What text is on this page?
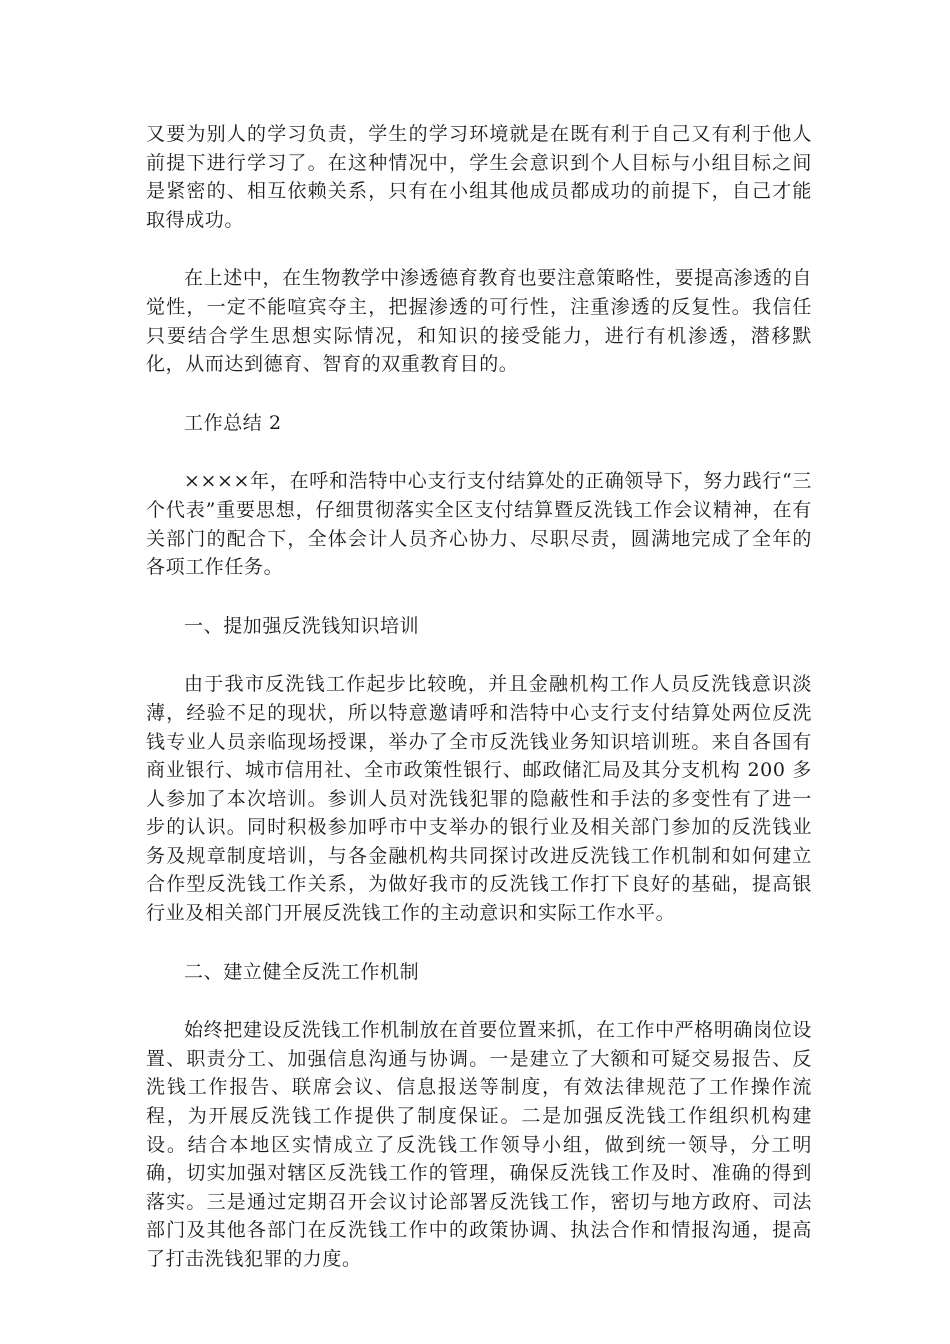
又要为别人的学习负责，学生的学习环境就是在既有利于自己又有利于他人前提下进行学习了。在这种情况中，学生会意识到个人目标与小组目标之间是紧密的、相互依赖关系，只有在小组其他成员都成功的前提下，自己才能取得成功。

在上述中，在生物教学中渗透德育教育也要注意策略性，要提高渗透的自觉性，一定不能喧宾夺主，把握渗透的可行性，注重渗透的反复性。我信任只要结合学生思想实际情况，和知识的接受能力，进行有机渗透，潜移默化，从而达到德育、智育的双重教育目的。

工作总结 2

××××年，在呼和浩特中心支行支付结算处的正确领导下，努力践行“三个代表”重要思想，仔细贯彻落实全区支付结算暨反洗钱工作会议精神，在有关部门的配合下，全体会计人员齐心协力、尽职尽责，圆满地完成了全年的各项工作任务。

一、提加强反洗钱知识培训

由于我市反洗钱工作起步比较晚，并且金融机构工作人员反洗钱意识淡薄，经验不足的现状，所以特意邀请呼和浩特中心支行支付结算处两位反洗钱专业人员亲临现场授课，举办了全市反洗钱业务知识培训班。来自各国有商业银行、城市信用社、全市政策性银行、邮政储汇局及其分支机构 200 多人参加了本次培训。参训人员对洗钱犯罪的隐蔽性和手法的多变性有了进一步的认识。同时积极参加呼市中支举办的银行业及相关部门参加的反洗钱业务及规章制度培训，与各金融机构共同探讨改进反洗钱工作机制和如何建立合作型反洗钱工作关系，为做好我市的反洗钱工作打下良好的基础，提高银行业及相关部门开展反洗钱工作的主动意识和实际工作水平。

二、建立健全反洗工作机制

始终把建设反洗钱工作机制放在首要位置来抓，在工作中严格明确岗位设置、职责分工、加强信息沟通与协调。一是建立了大额和可疑交易报告、反洗钱工作报告、联席会议、信息报送等制度，有效法律规范了工作操作流程，为开展反洗钱工作提供了制度保证。二是加强反洗钱工作组织机构建设。结合本地区实情成立了反洗钱工作领导小组，做到统一领导，分工明确，切实加强对辖区反洗钱工作的管理，确保反洗钱工作及时、准确的得到落实。三是通过定期召开会议讨论部署反洗钱工作，密切与地方政府、司法部门及其他各部门在反洗钱工作中的政策协调、执法合作和情报沟通，提高了打击洗钱犯罪的力度。
